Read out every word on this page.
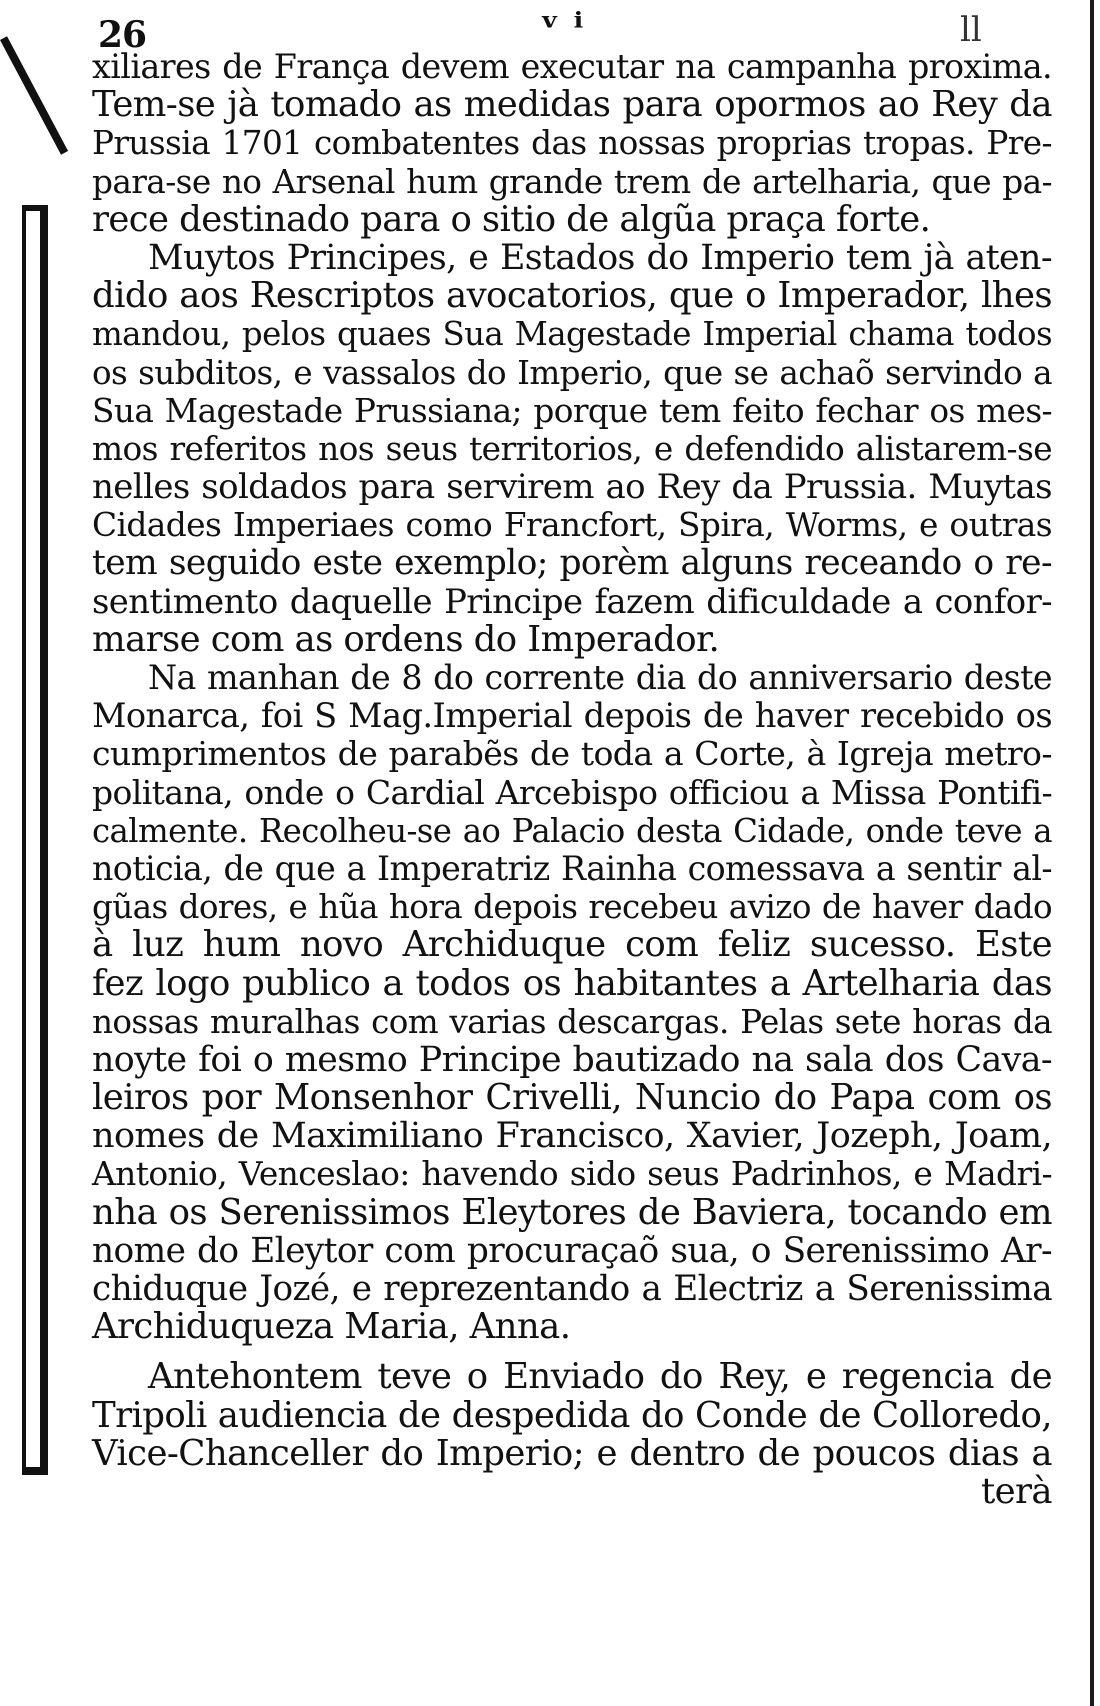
26	ᵛ ⁱ	ll
xiliares de França devem executar na campanha proxima.
Tem-se jà tomado as medidas para opormos ao Rey da
Prussia 1701 combatentes das nossas proprias tropas. Pre-
para-se no Arsenal hum grande trem de artelharia, que pa-
rece destinado para o sitio de algũa praça forte.
Muytos Principes, e Estados do Imperio tem jà aten-
dido aos Rescriptos avocatorios, que o Imperador, lhes
mandou, pelos quaes Sua Magestade Imperial chama todos
os subditos, e vassalos do Imperio, que se achaõ servindo a
Sua Magestade Prussiana; porque tem feito fechar os mes-
mos referitos nos seus territorios, e defendido alistarem-se
nelles soldados para servirem ao Rey da Prussia. Muytas
Cidades Imperiaes como Francfort, Spira, Worms, e outras
tem seguido este exemplo; porèm alguns receando o re-
sentimento daquelle Principe fazem dificuldade a confor-
marse com as ordens do Imperador.
Na manhan de 8 do corrente dia do anniversario deste
Monarca, foi S Mag.Imperial depois de haver recebido os
cumprimentos de parabẽs de toda a Corte, à Igreja metro-
politana, onde o Cardial Arcebispo officiou a Missa Pontifi-
calmente. Recolheu-se ao Palacio desta Cidade, onde teve a
noticia, de que a Imperatriz Rainha comessava a sentir al-
gũas dores, e hũa hora depois recebeu avizo de haver dado
à luz hum novo Archiduque com feliz sucesso. Este
fez logo publico a todos os habitantes a Artelharia das
nossas muralhas com varias descargas. Pelas sete horas da
noyte foi o mesmo Principe bautizado na sala dos Cava-
leiros por Monsenhor Crivelli, Nuncio do Papa com os
nomes de Maximiliano Francisco, Xavier, Jozeph, Joam,
Antonio, Venceslao: havendo sido seus Padrinhos, e Madri-
nha os Serenissimos Eleytores de Baviera, tocando em
nome do Eleytor com procuraçaõ sua, o Serenissimo Ar-
chiduque Jozé, e reprezentando a Electriz a Serenissima
Archiduqueza Maria, Anna.
Antehontem teve o Enviado do Rey, e regencia de
Tripoli audiencia de despedida do Conde de Colloredo,
Vice-Chanceller do Imperio; e dentro de poucos dias a
terà
